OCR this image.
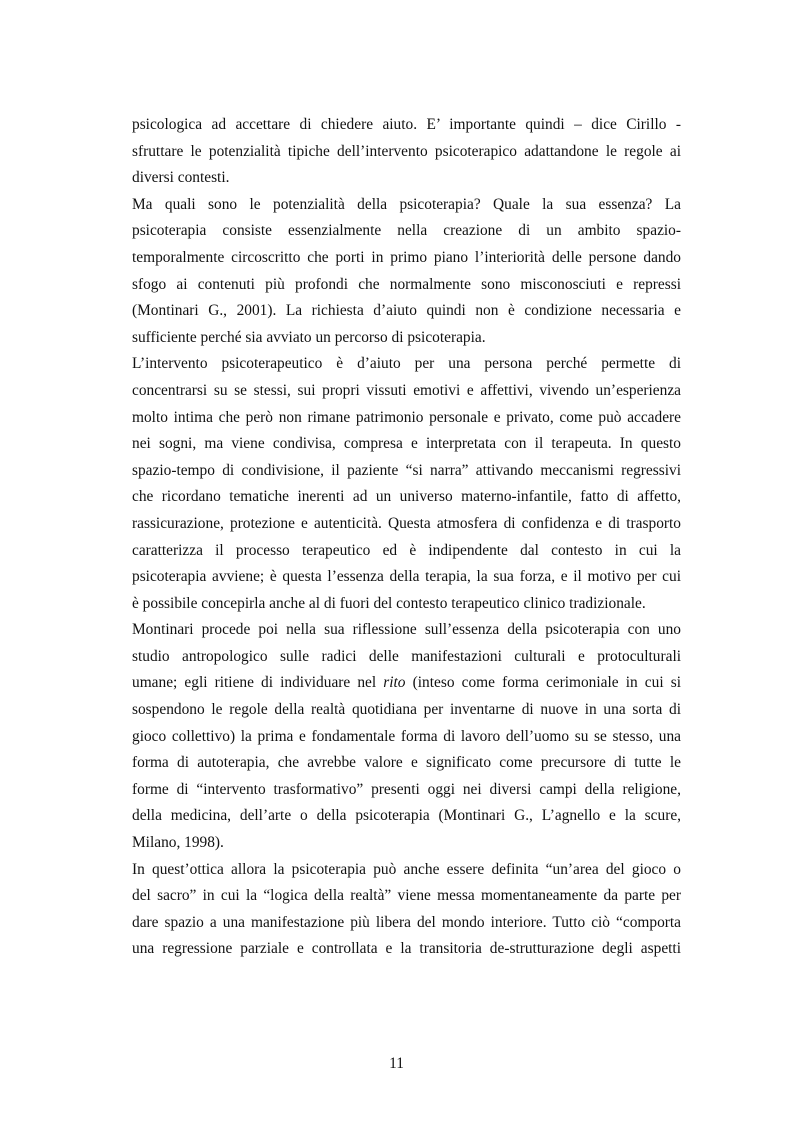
psicologica ad accettare di chiedere aiuto. E’ importante quindi – dice Cirillo -
sfruttare le potenzialità tipiche dell’intervento psicoterapico adattandone le regole ai
diversi contesti.
Ma quali sono le potenzialità della psicoterapia? Quale la sua essenza? La
psicoterapia consiste essenzialmente nella creazione di un ambito spazio-
temporalmente circoscritto che porti in primo piano l’interiorità delle persone dando
sfogo ai contenuti più profondi che normalmente sono misconosciuti e repressi
(Montinari G., 2001). La richiesta d’aiuto quindi non è condizione necessaria e
sufficiente perché sia avviato un percorso di psicoterapia.
L’intervento psicoterapeutico è d’aiuto per una persona perché permette di
concentrarsi su se stessi, sui propri vissuti emotivi e affettivi, vivendo un’esperienza
molto intima che però non rimane patrimonio personale e privato, come può accadere
nei sogni, ma viene condivisa, compresa e interpretata con il terapeuta. In questo
spazio-tempo di condivisione, il paziente “si narra” attivando meccanismi regressivi
che ricordano tematiche inerenti ad un universo materno-infantile, fatto di affetto,
rassicurazione, protezione e autenticità. Questa atmosfera di confidenza e di trasporto
caratterizza il processo terapeutico ed è indipendente dal contesto in cui la
psicoterapia avviene; è questa l’essenza della terapia, la sua forza, e il motivo per cui
è possibile concepirla anche al di fuori del contesto terapeutico clinico tradizionale.
Montinari procede poi nella sua riflessione sull’essenza della psicoterapia con uno
studio antropologico sulle radici delle manifestazioni culturali e protoculturali
umane; egli ritiene di individuare nel rito (inteso come forma cerimoniale in cui si
sospendono le regole della realtà quotidiana per inventarne di nuove in una sorta di
gioco collettivo) la prima e fondamentale forma di lavoro dell’uomo su se stesso, una
forma di autoterapia, che avrebbe valore e significato come precursore di tutte le
forme di “intervento trasformativo” presenti oggi nei diversi campi della religione,
della medicina, dell’arte o della psicoterapia (Montinari G., L’agnello e la scure,
Milano, 1998).
In quest’ottica allora la psicoterapia può anche essere definita “un’area del gioco o
del sacro” in cui la “logica della realtà” viene messa momentaneamente da parte per
dare spazio a una manifestazione più libera del mondo interiore. Tutto ciò “comporta
una regressione parziale e controllata e la transitoria de-strutturazione degli aspetti
11
